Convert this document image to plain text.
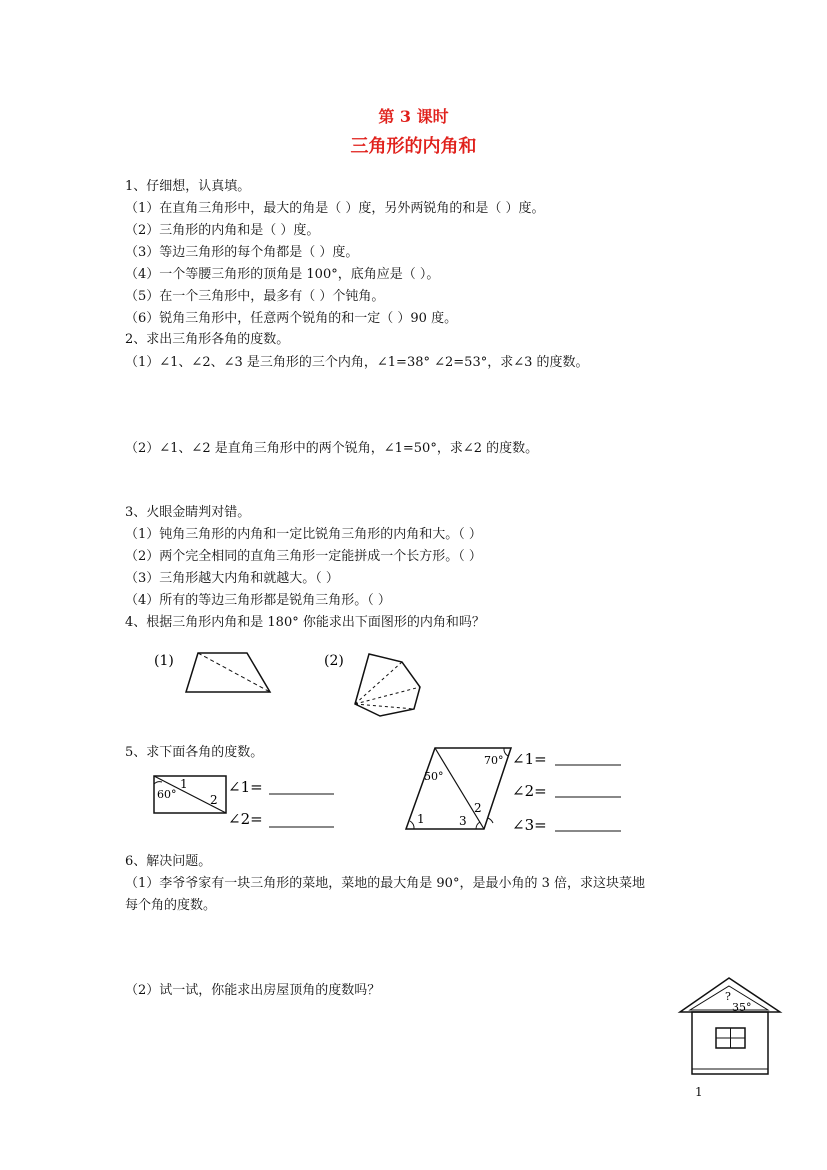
第 3 课时
三角形的内角和
1、仔细想，认真填。
（1）在直角三角形中，最大的角是（ ）度，另外两锐角的和是（ ）度。
（2）三角形的内角和是（ ）度。
（3）等边三角形的每个角都是（ ）度。
（4）一个等腰三角形的顶角是 100°，底角应是（ ）。
（5）在一个三角形中，最多有（ ）个钝角。
（6）锐角三角形中，任意两个锐角的和一定（ ）90 度。
2、求出三角形各角的度数。
（1）∠1、∠2、∠3 是三角形的三个内角，∠1=38° ∠2=53°，求∠3 的度数。
（2）∠1、∠2 是直角三角形中的两个锐角，∠1=50°，求∠2 的度数。
3、火眼金睛判对错。
（1）钝角三角形的内角和一定比锐角三角形的内角和大。（ ）
（2）两个完全相同的直角三角形一定能拼成一个长方形。（ ）
（3）三角形越大内角和就越大。（ ）
（4）所有的等边三角形都是锐角三角形。（ ）
4、根据三角形内角和是 180° 你能求出下面图形的内角和吗？
(1)	(2)
5、求下面各角的度数。
1
60°	2
∠1=
∠2=
50°
70°
1	3
2
∠1=
∠2=
∠3=
6、解决问题。
（1）李爷爷家有一块三角形的菜地，菜地的最大角是 90°，是最小角的 3 倍，求这块菜地
每个角的度数。
（2）试一试，你能求出房屋顶角的度数吗？	?
35°
1
